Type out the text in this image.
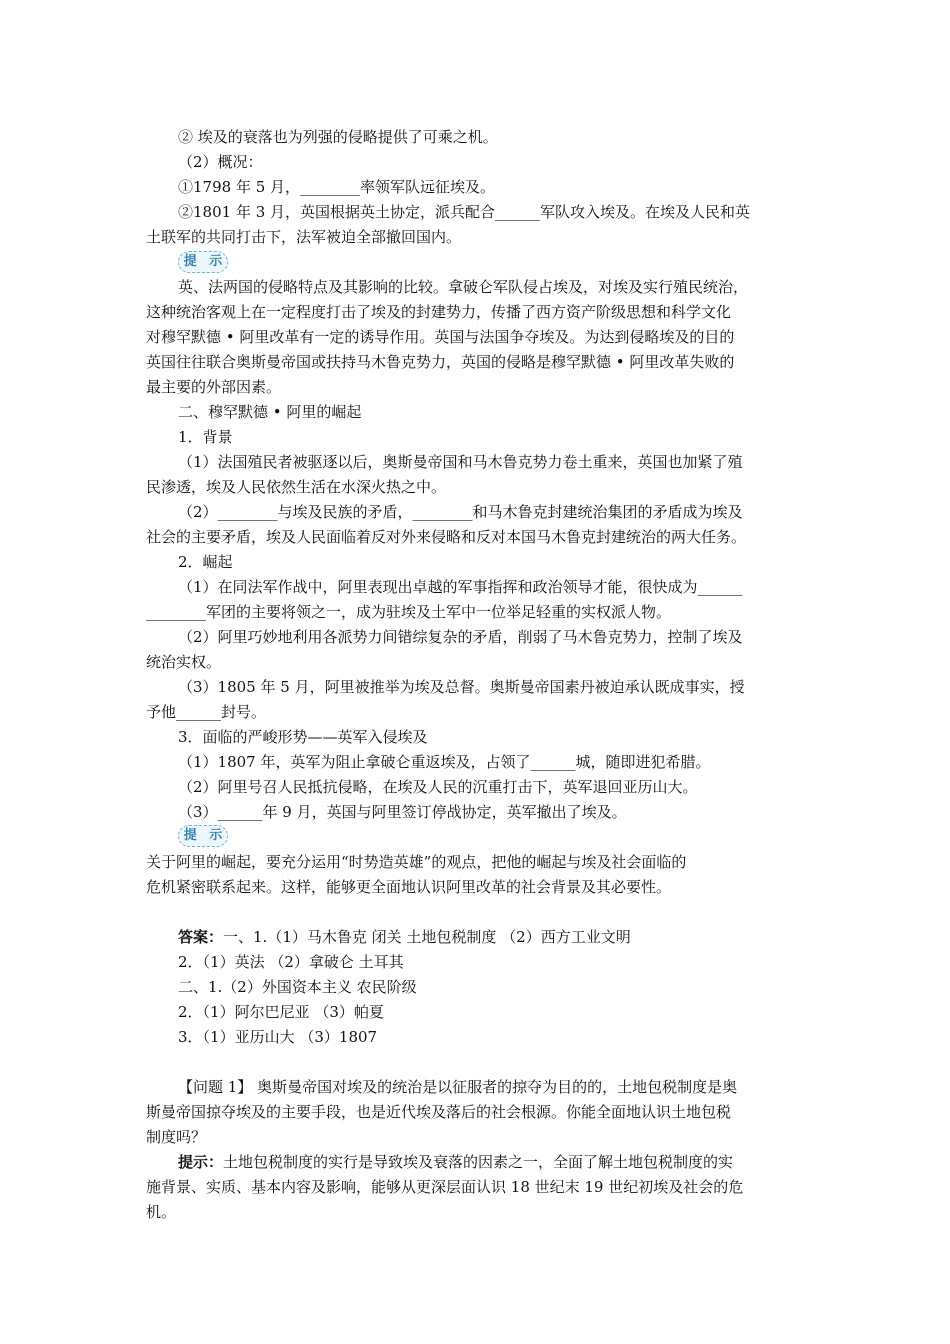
② 埃及的衰落也为列强的侵略提供了可乘之机。
（2）概况：
①1798 年 5 月，________率领军队远征埃及。
②1801 年 3 月，英国根据英土协定，派兵配合______军队攻入埃及。在埃及人民和英
土联军的共同打击下，法军被迫全部撤回国内。
提 示
英、法两国的侵略特点及其影响的比较。拿破仑军队侵占埃及，对埃及实行殖民统治，
这种统治客观上在一定程度打击了埃及的封建势力，传播了西方资产阶级思想和科学文化
对穆罕默德 • 阿里改革有一定的诱导作用。英国与法国争夺埃及。为达到侵略埃及的目的
英国往往联合奥斯曼帝国或扶持马木鲁克势力，英国的侵略是穆罕默德 • 阿里改革失败的
最主要的外部因素。
二、穆罕默德 • 阿里的崛起
1．背景
（1）法国殖民者被驱逐以后，奥斯曼帝国和马木鲁克势力卷土重来，英国也加紧了殖
民渗透，埃及人民依然生活在水深火热之中。
（2）________与埃及民族的矛盾，________和马木鲁克封建统治集团的矛盾成为埃及
社会的主要矛盾，埃及人民面临着反对外来侵略和反对本国马木鲁克封建统治的两大任务。
2．崛起
（1）在同法军作战中，阿里表现出卓越的军事指挥和政治领导才能，很快成为______
________军团的主要将领之一，成为驻埃及土军中一位举足轻重的实权派人物。
（2）阿里巧妙地利用各派势力间错综复杂的矛盾，削弱了马木鲁克势力，控制了埃及
统治实权。
（3）1805 年 5 月，阿里被推举为埃及总督。奥斯曼帝国素丹被迫承认既成事实，授
予他______封号。
3．面临的严峻形势——英军入侵埃及
（1）1807 年，英军为阻止拿破仑重返埃及，占领了______城，随即进犯希腊。
（2）阿里号召人民抵抗侵略，在埃及人民的沉重打击下，英军退回亚历山大。
（3）______年 9 月，英国与阿里签订停战协定，英军撤出了埃及。
提 示
关于阿里的崛起，要充分运用“时势造英雄”的观点，把他的崛起与埃及社会面临的
危机紧密联系起来。这样，能够更全面地认识阿里改革的社会背景及其必要性。
答案：一、1.（1）马木鲁克 闭关 土地包税制度 （2）西方工业文明
2．（1）英法 （2）拿破仑 土耳其
二、1.（2）外国资本主义 农民阶级
2．（1）阿尔巴尼亚 （3）帕夏
3．（1）亚历山大 （3）1807
【问题 1】 奥斯曼帝国对埃及的统治是以征服者的掠夺为目的的，土地包税制度是奥
斯曼帝国掠夺埃及的主要手段，也是近代埃及落后的社会根源。你能全面地认识土地包税
制度吗？
提示：土地包税制度的实行是导致埃及衰落的因素之一，全面了解土地包税制度的实
施背景、实质、基本内容及影响，能够从更深层面认识 18 世纪末 19 世纪初埃及社会的危
机。
